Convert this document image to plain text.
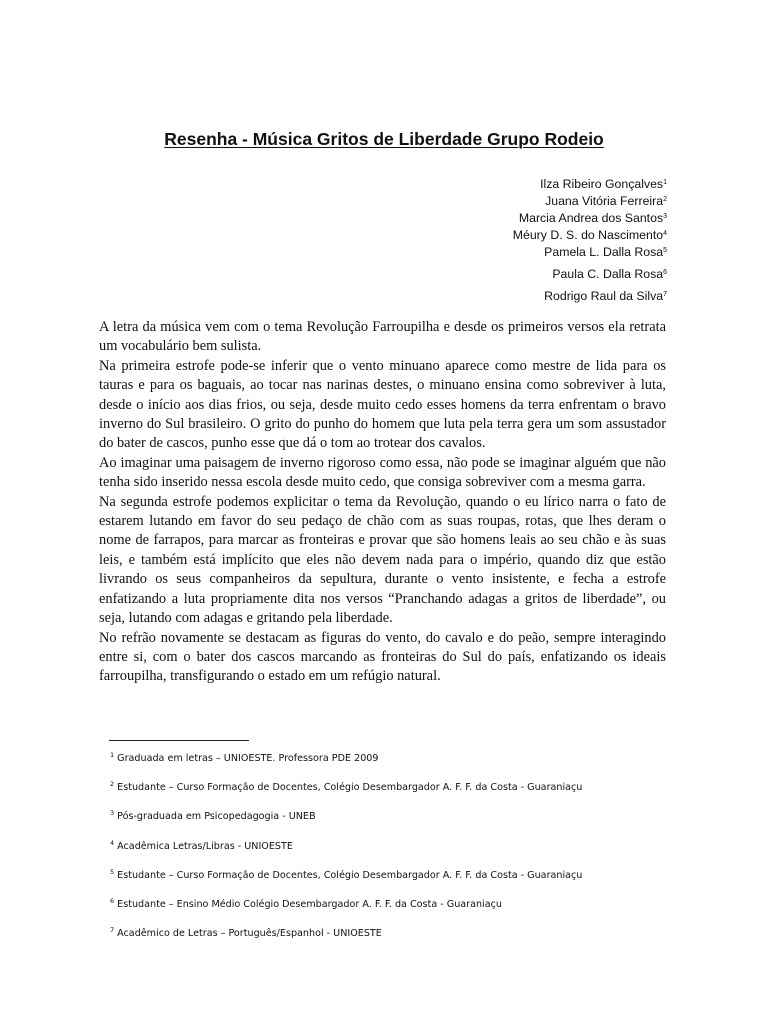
Resenha - Música Gritos de Liberdade Grupo Rodeio
Ilza Ribeiro Gonçalves$^1$
Juana Vitória Ferreira$^2$
Marcia Andrea dos Santos$^3$
Méury D. S. do Nascimento$^4$
Pamela L. Dalla Rosa$^5$
Paula C. Dalla Rosa$^6$
Rodrigo Raul da Silva$^7$

A letra da música vem com o tema Revolução Farroupilha e desde os primeiros versos ela retrata um vocabulário bem sulista.

Na primeira estrofe pode-se inferir que o vento minuano aparece como mestre de lida para os tauras e para os baguais, ao tocar nas narinas destes, o minuano ensina como sobreviver à luta, desde o início aos dias frios, ou seja, desde muito cedo esses homens da terra enfrentam o bravo inverno do Sul brasileiro. O grito do punho do homem que luta pela terra gera um som assustador do bater de cascos, punho esse que dá o tom ao trotear dos cavalos.

Ao imaginar uma paisagem de inverno rigoroso como essa, não pode se imaginar alguém que não tenha sido inserido nessa escola desde muito cedo, que consiga sobreviver com a mesma garra.

Na segunda estrofe podemos explicitar o tema da Revolução, quando o eu lírico narra o fato de estarem lutando em favor do seu pedaço de chão com as suas roupas, rotas, que lhes deram o nome de farrapos, para marcar as fronteiras e provar que são homens leais ao seu chão e às suas leis, e também está implícito que eles não devem nada para o império, quando diz que estão livrando os seus companheiros da sepultura, durante o vento insistente, e fecha a estrofe enfatizando a luta propriamente dita nos versos “Pranchando adagas a gritos de liberdade”, ou seja, lutando com adagas e gritando pela liberdade.

No refrão novamente se destacam as figuras do vento, do cavalo e do peão, sempre interagindo entre si, com o bater dos cascos marcando as fronteiras do Sul do país, enfatizando os ideais farroupilha, transfigurando o estado em um refúgio natural.

$^1$ Graduada em letras – UNIOESTE. Professora PDE 2009
$^2$ Estudante – Curso Formação de Docentes, Colégio Desembargador A. F. F. da Costa - Guaraniaçu
$^3$ Pós-graduada em Psicopedagogia - UNEB
$^4$ Acadêmica Letras/Libras - UNIOESTE
$^5$ Estudante – Curso Formação de Docentes, Colégio Desembargador A. F. F. da Costa - Guaraniaçu
$^6$ Estudante – Ensino Médio Colégio Desembargador A. F. F. da Costa - Guaraniaçu
$^7$ Acadêmico de Letras – Português/Espanhol - UNIOESTE
